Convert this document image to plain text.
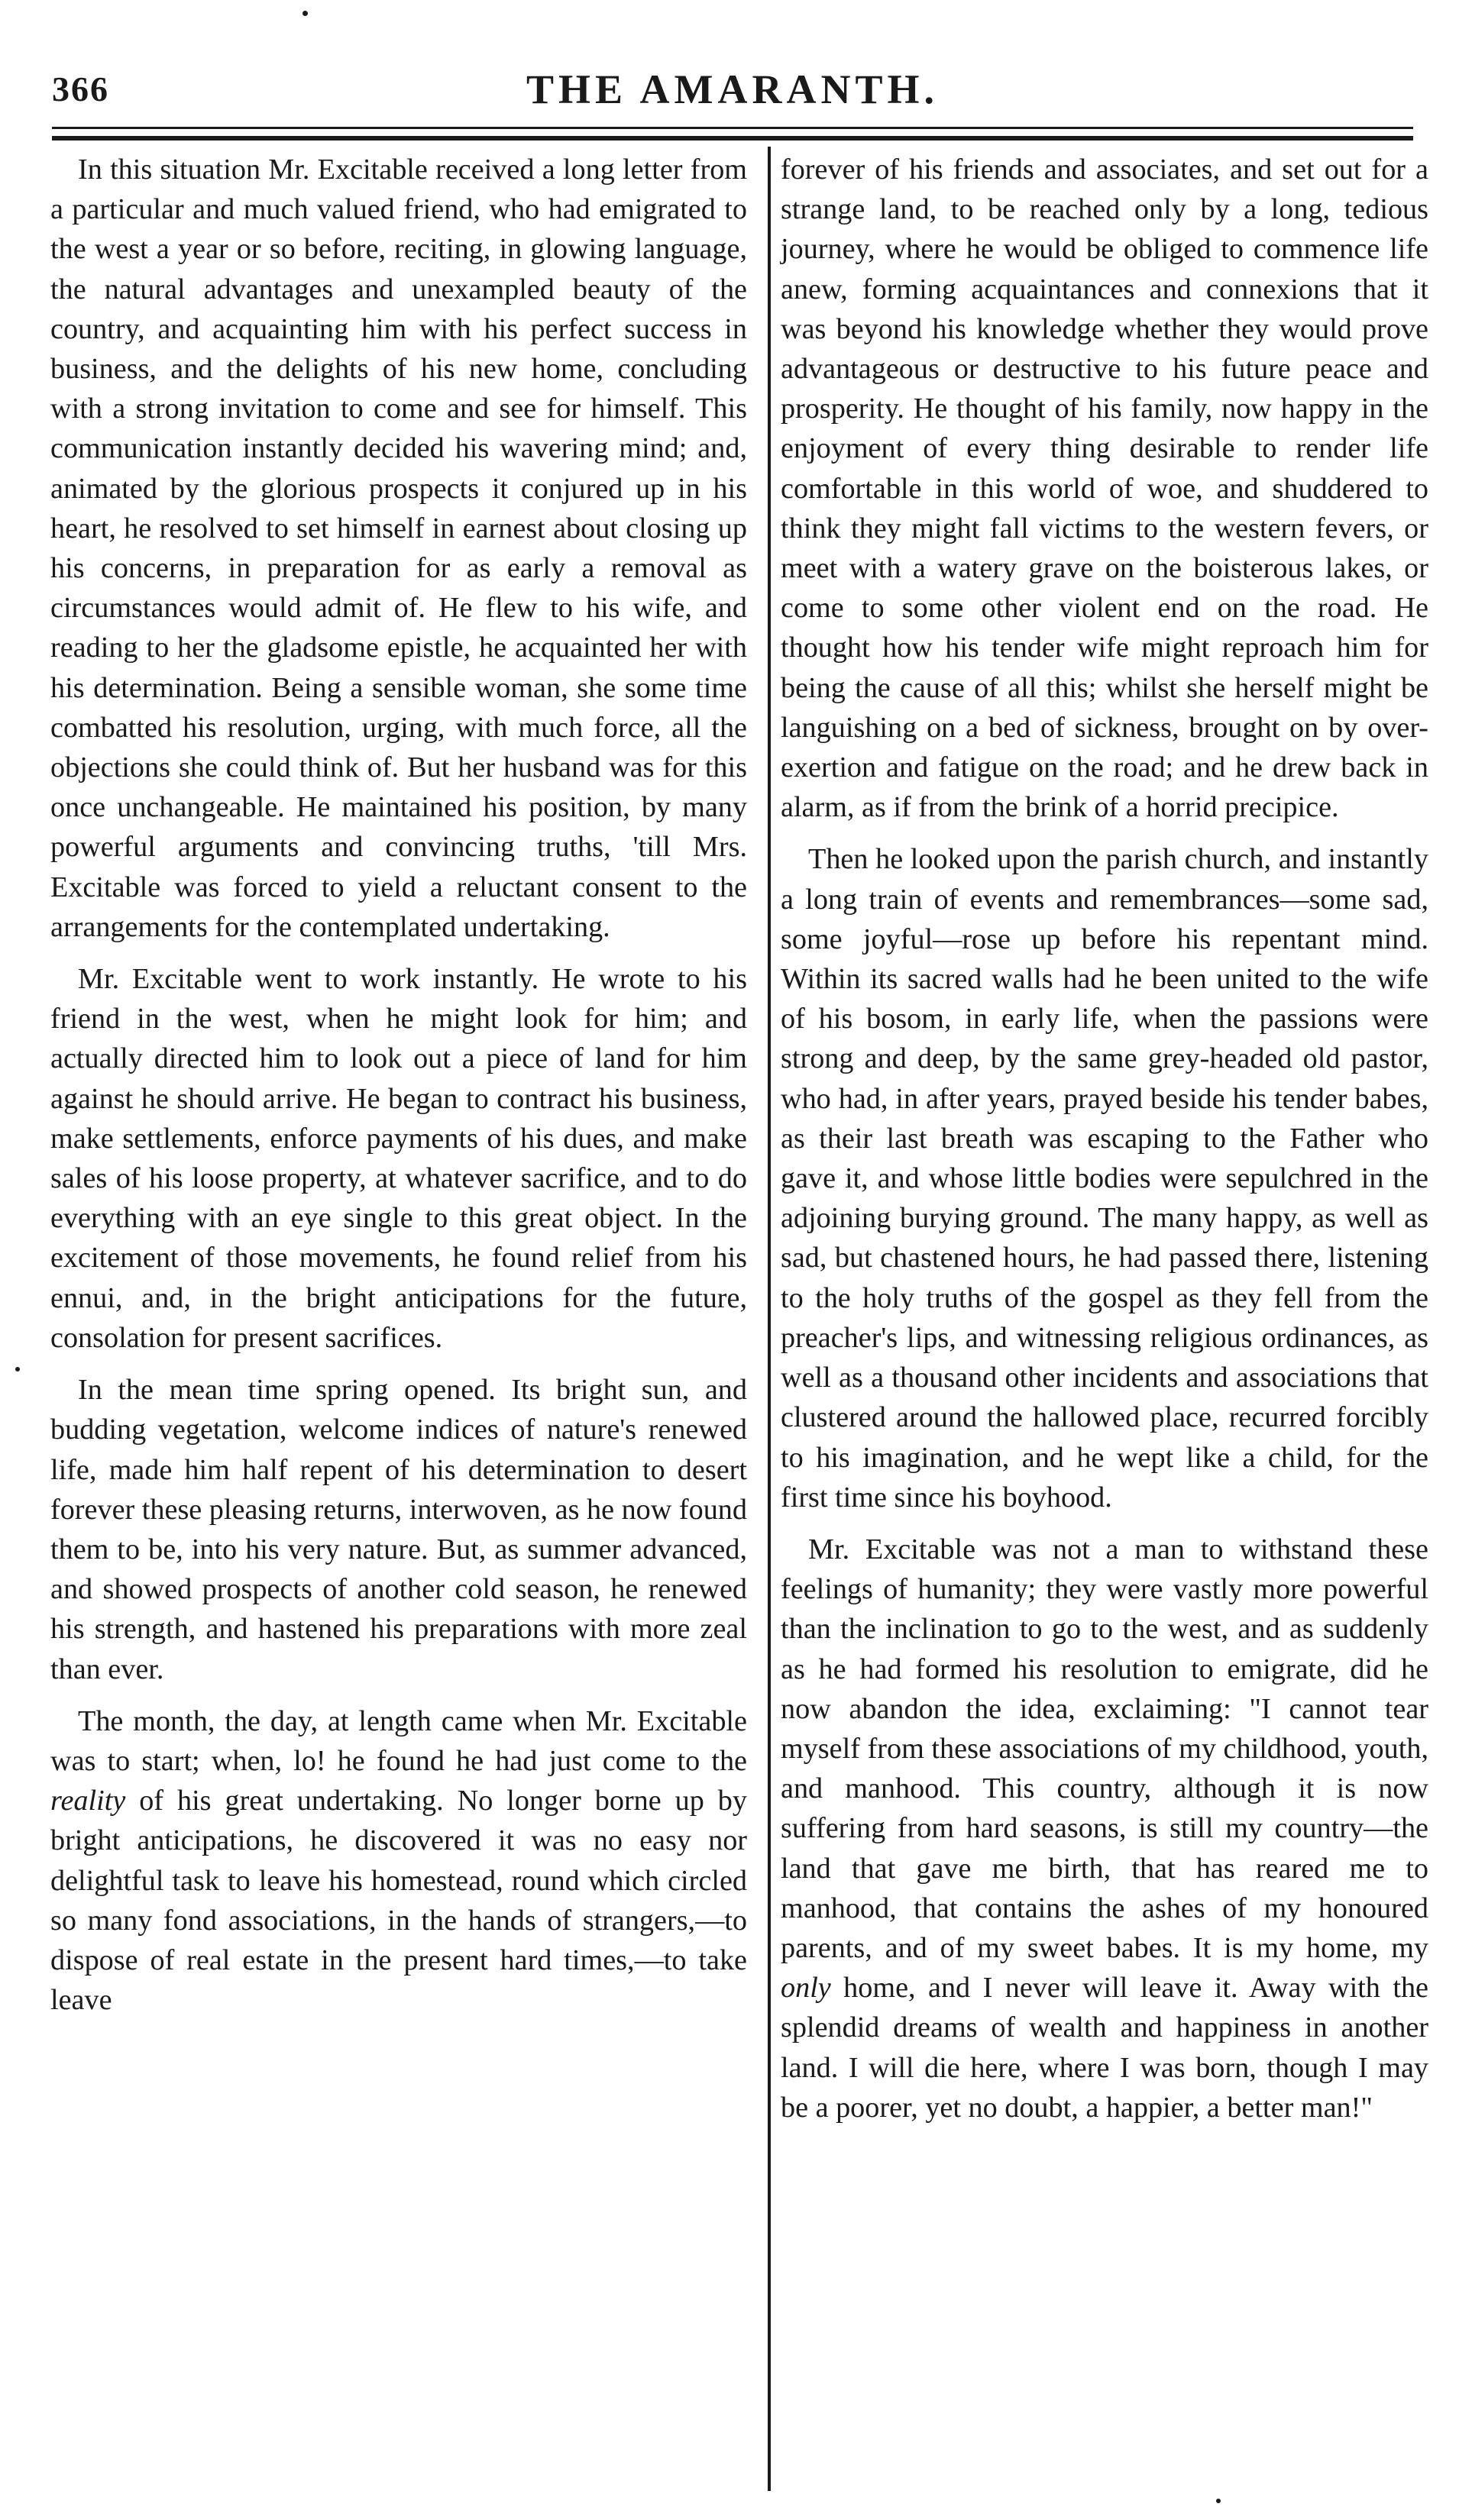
366	THE AMARANTH.

In this situation Mr. Excitable received a long letter from a particular and much valued friend, who had emigrated to the west a year or so before, reciting, in glowing language, the natural advantages and unexampled beauty of the country, and acquainting him with his perfect success in business, and the delights of his new home, concluding with a strong invitation to come and see for himself. This communication instantly decided his wavering mind; and, animated by the glorious prospects it conjured up in his heart, he resolved to set himself in earnest about closing up his concerns, in preparation for as early a removal as circumstances would admit of. He flew to his wife, and reading to her the gladsome epistle, he acquainted her with his determination. Being a sensible woman, she some time combatted his resolution, urging, with much force, all the objections she could think of. But her husband was for this once unchangeable. He maintained his position, by many powerful arguments and convincing truths, 'till Mrs. Excitable was forced to yield a reluctant consent to the arrangements for the contemplated undertaking.

Mr. Excitable went to work instantly. He wrote to his friend in the west, when he might look for him; and actually directed him to look out a piece of land for him against he should arrive. He began to contract his business, make settlements, enforce payments of his dues, and make sales of his loose property, at whatever sacrifice, and to do everything with an eye single to this great object. In the excitement of those movements, he found relief from his ennui, and, in the bright anticipations for the future, consolation for present sacrifices.

In the mean time spring opened. Its bright sun, and budding vegetation, welcome indices of nature's renewed life, made him half repent of his determination to desert forever these pleasing returns, interwoven, as he now found them to be, into his very nature. But, as summer advanced, and showed prospects of another cold season, he renewed his strength, and hastened his preparations with more zeal than ever.

The month, the day, at length came when Mr. Excitable was to start; when, lo! he found he had just come to the reality of his great undertaking. No longer borne up by bright anticipations, he discovered it was no easy nor delightful task to leave his homestead, round which circled so many fond associations, in the hands of strangers,—to dispose of real estate in the present hard times,—to take leave

forever of his friends and associates, and set out for a strange land, to be reached only by a long, tedious journey, where he would be obliged to commence life anew, forming acquaintances and connexions that it was beyond his knowledge whether they would prove advantageous or destructive to his future peace and prosperity. He thought of his family, now happy in the enjoyment of every thing desirable to render life comfortable in this world of woe, and shuddered to think they might fall victims to the western fevers, or meet with a watery grave on the boisterous lakes, or come to some other violent end on the road. He thought how his tender wife might reproach him for being the cause of all this; whilst she herself might be languishing on a bed of sickness, brought on by over-exertion and fatigue on the road; and he drew back in alarm, as if from the brink of a horrid precipice.

Then he looked upon the parish church, and instantly a long train of events and remembrances—some sad, some joyful—rose up before his repentant mind. Within its sacred walls had he been united to the wife of his bosom, in early life, when the passions were strong and deep, by the same grey-headed old pastor, who had, in after years, prayed beside his tender babes, as their last breath was escaping to the Father who gave it, and whose little bodies were sepulchred in the adjoining burying ground. The many happy, as well as sad, but chastened hours, he had passed there, listening to the holy truths of the gospel as they fell from the preacher's lips, and witnessing religious ordinances, as well as a thousand other incidents and associations that clustered around the hallowed place, recurred forcibly to his imagination, and he wept like a child, for the first time since his boyhood.

Mr. Excitable was not a man to withstand these feelings of humanity; they were vastly more powerful than the inclination to go to the west, and as suddenly as he had formed his resolution to emigrate, did he now abandon the idea, exclaiming: "I cannot tear myself from these associations of my childhood, youth, and manhood. This country, although it is now suffering from hard seasons, is still my country—the land that gave me birth, that has reared me to manhood, that contains the ashes of my honoured parents, and of my sweet babes. It is my home, my only home, and I never will leave it. Away with the splendid dreams of wealth and happiness in another land. I will die here, where I was born, though I may be a poorer, yet no doubt, a happier, a better man!"
